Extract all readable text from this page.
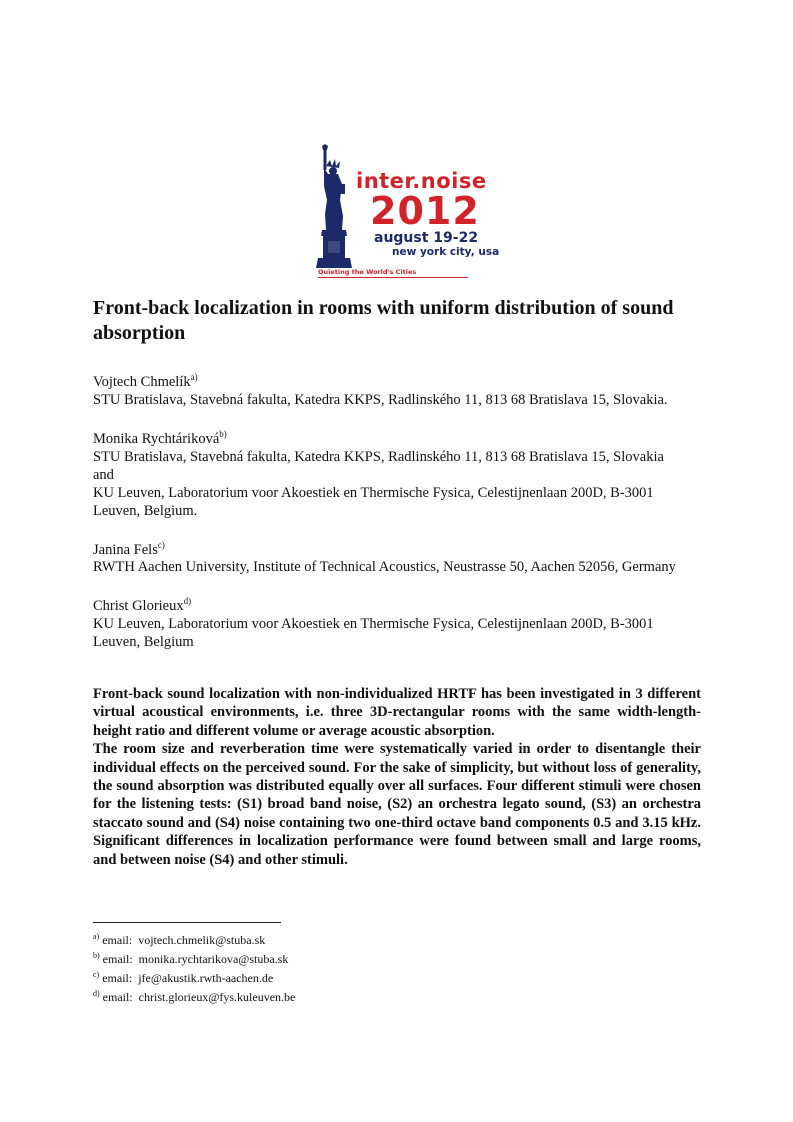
inter.noise
2012
august 19-22
new york city, usa
Quieting the World's Cities
Front-back localization in rooms with uniform distribution of sound absorption
Vojtech Chmelík$^{a)}$
STU Bratislava, Stavebná fakulta, Katedra KKPS, Radlinského 11, 813 68 Bratislava 15, Slovakia.
Monika Rychtáriková$^{b)}$
STU Bratislava, Stavebná fakulta, Katedra KKPS, Radlinského 11, 813 68 Bratislava 15, Slovakia
and
KU Leuven, Laboratorium voor Akoestiek en Thermische Fysica, Celestijnenlaan 200D, B-3001 Leuven, Belgium.
Janina Fels$^{c)}$
RWTH Aachen University, Institute of Technical Acoustics, Neustrasse 50, Aachen 52056, Germany
Christ Glorieux$^{d)}$
KU Leuven, Laboratorium voor Akoestiek en Thermische Fysica, Celestijnenlaan 200D, B-3001 Leuven, Belgium

Front-back sound localization with non-individualized HRTF has been investigated in 3 different virtual acoustical environments, i.e. three 3D-rectangular rooms with the same width-length-height ratio and different volume or average acoustic absorption.

The room size and reverberation time were systematically varied in order to disentangle their individual effects on the perceived sound. For the sake of simplicity, but without loss of generality, the sound absorption was distributed equally over all surfaces. Four different stimuli were chosen for the listening tests: (S1) broad band noise, (S2) an orchestra legato sound, (S3) an orchestra staccato sound and (S4) noise containing two one-third octave band components 0.5 and 3.15 kHz. Significant differences in localization performance were found between small and large rooms, and between noise (S4) and other stimuli.

$^{a)}$ email: vojtech.chmelik@stuba.sk
$^{b)}$ email: monika.rychtarikova@stuba.sk
$^{c)}$ email: jfe@akustik.rwth-aachen.de
$^{d)}$ email: christ.glorieux@fys.kuleuven.be
